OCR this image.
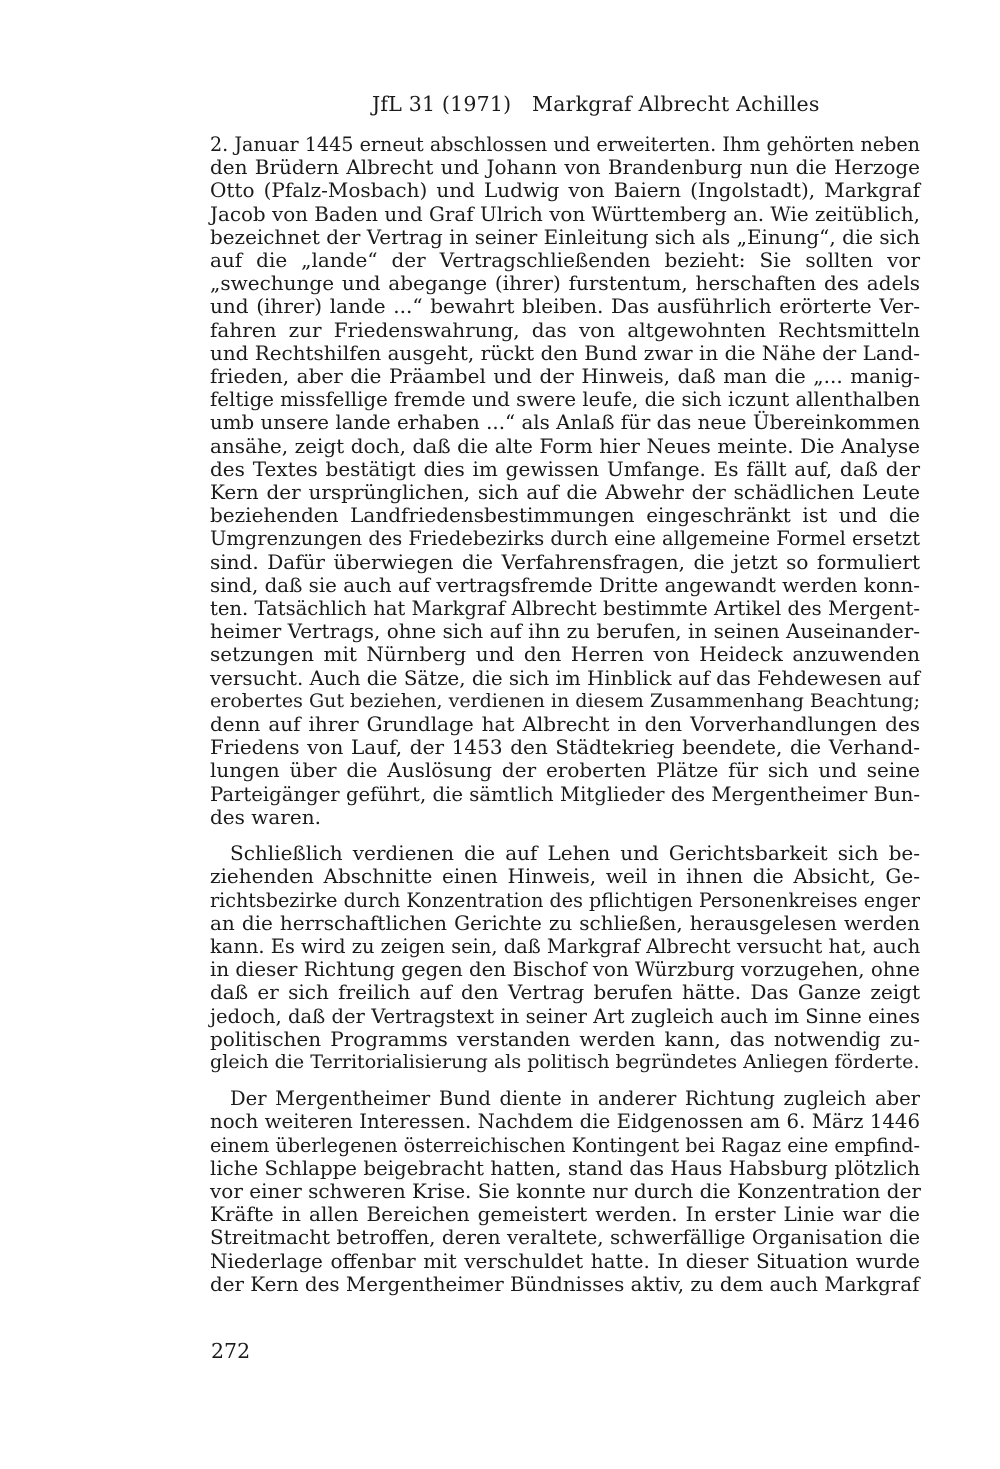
JfL 31 (1971) Markgraf Albrecht Achilles
2. Januar 1445 erneut abschlossen und erweiterten. Ihm gehörten neben
den Brüdern Albrecht und Johann von Brandenburg nun die Herzoge
Otto (Pfalz-Mosbach) und Ludwig von Baiern (Ingolstadt), Markgraf
Jacob von Baden und Graf Ulrich von Württemberg an. Wie zeitüblich,
bezeichnet der Vertrag in seiner Einleitung sich als „Einung“, die sich
auf die „lande“ der Vertragschließenden bezieht: Sie sollten vor
„swechunge und abegange (ihrer) furstentum, herschaften des adels
und (ihrer) lande ...“ bewahrt bleiben. Das ausführlich erörterte Ver-
fahren zur Friedenswahrung, das von altgewohnten Rechtsmitteln
und Rechtshilfen ausgeht, rückt den Bund zwar in die Nähe der Land-
frieden, aber die Präambel und der Hinweis, daß man die „... manig-
feltige missfellige fremde und swere leufe, die sich iczunt allenthalben
umb unsere lande erhaben ...“ als Anlaß für das neue Übereinkommen
ansähe, zeigt doch, daß die alte Form hier Neues meinte. Die Analyse
des Textes bestätigt dies im gewissen Umfange. Es fällt auf, daß der
Kern der ursprünglichen, sich auf die Abwehr der schädlichen Leute
beziehenden Landfriedensbestimmungen eingeschränkt ist und die
Umgrenzungen des Friedebezirks durch eine allgemeine Formel ersetzt
sind. Dafür überwiegen die Verfahrensfragen, die jetzt so formuliert
sind, daß sie auch auf vertragsfremde Dritte angewandt werden konn-
ten. Tatsächlich hat Markgraf Albrecht bestimmte Artikel des Mergent-
heimer Vertrags, ohne sich auf ihn zu berufen, in seinen Auseinander-
setzungen mit Nürnberg und den Herren von Heideck anzuwenden
versucht. Auch die Sätze, die sich im Hinblick auf das Fehdewesen auf
erobertes Gut beziehen, verdienen in diesem Zusammenhang Beachtung;
denn auf ihrer Grundlage hat Albrecht in den Vorverhandlungen des
Friedens von Lauf, der 1453 den Städtekrieg beendete, die Verhand-
lungen über die Auslösung der eroberten Plätze für sich und seine
Parteigänger geführt, die sämtlich Mitglieder des Mergentheimer Bun-
des waren.
Schließlich verdienen die auf Lehen und Gerichtsbarkeit sich be-
ziehenden Abschnitte einen Hinweis, weil in ihnen die Absicht, Ge-
richtsbezirke durch Konzentration des pflichtigen Personenkreises enger
an die herrschaftlichen Gerichte zu schließen, herausgelesen werden
kann. Es wird zu zeigen sein, daß Markgraf Albrecht versucht hat, auch
in dieser Richtung gegen den Bischof von Würzburg vorzugehen, ohne
daß er sich freilich auf den Vertrag berufen hätte. Das Ganze zeigt
jedoch, daß der Vertragstext in seiner Art zugleich auch im Sinne eines
politischen Programms verstanden werden kann, das notwendig zu-
gleich die Territorialisierung als politisch begründetes Anliegen förderte.
Der Mergentheimer Bund diente in anderer Richtung zugleich aber
noch weiteren Interessen. Nachdem die Eidgenossen am 6. März 1446
einem überlegenen österreichischen Kontingent bei Ragaz eine empfind-
liche Schlappe beigebracht hatten, stand das Haus Habsburg plötzlich
vor einer schweren Krise. Sie konnte nur durch die Konzentration der
Kräfte in allen Bereichen gemeistert werden. In erster Linie war die
Streitmacht betroffen, deren veraltete, schwerfällige Organisation die
Niederlage offenbar mit verschuldet hatte. In dieser Situation wurde
der Kern des Mergentheimer Bündnisses aktiv, zu dem auch Markgraf
272
